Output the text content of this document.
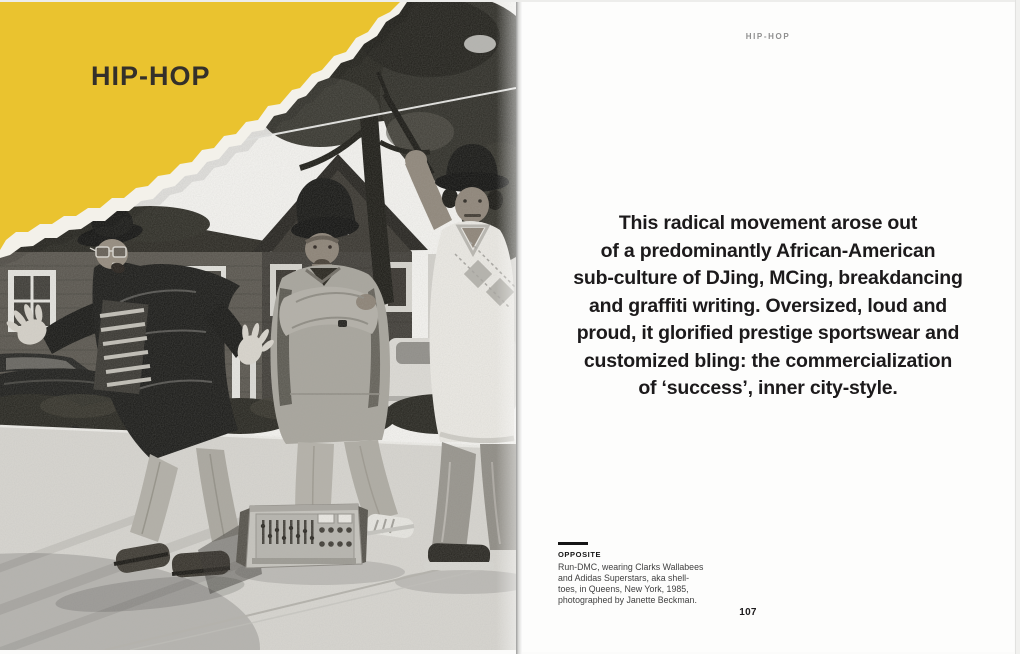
HIP-HOP
HIP-HOP
This radical movement arose out
of a predominantly African-American
sub-culture of DJing, MCing, breakdancing
and graffiti writing. Oversized, loud and
proud, it glorified prestige sportswear and
customized bling: the commercialization
of ‘success’, inner city-style.
OPPOSITE
Run-DMC, wearing Clarks Wallabees
and Adidas Superstars, aka shell-
toes, in Queens, New York, 1985,
photographed by Janette Beckman.
107
